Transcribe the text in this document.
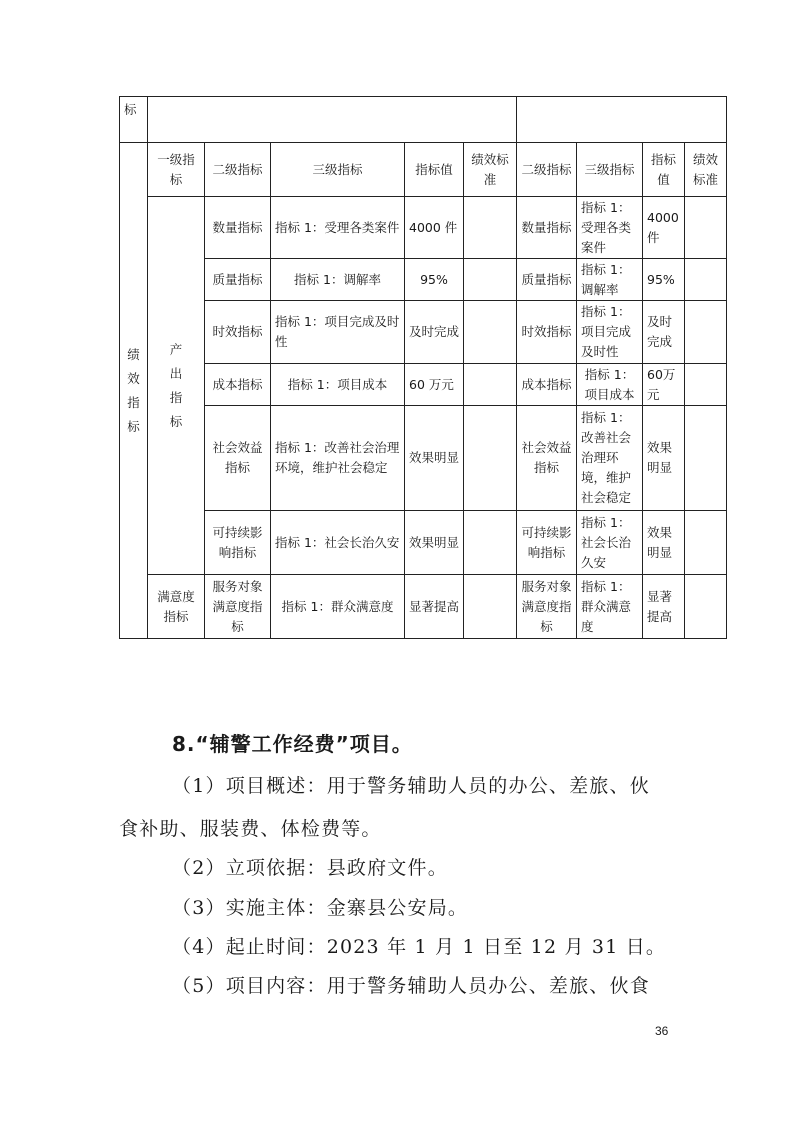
标									
绩效指标	一级指标	二级指标	三级指标	指标值	绩效标准	二级指标	三级指标	指标值	绩效标准
	产出指标	数量指标	指标 1：受理各类案件	4000 件		数量指标	指标 1：受理各类案件	4000件	
		质量指标	指标 1：调解率	95%		质量指标	指标 1：调解率	95%	
		时效指标	指标 1：项目完成及时性	及时完成		时效指标	指标 1：项目完成及时性	及时完成	
		成本指标	指标 1：项目成本	60 万元		成本指标	指标 1：项目成本	60万元	
		社会效益指标	指标 1：改善社会治理环境，维护社会稳定	效果明显		社会效益指标	指标 1：改善社会治理环境，维护社会稳定	效果明显	
		可持续影响指标	指标 1：社会长治久安	效果明显		可持续影响指标	指标 1：社会长治久安	效果明显	
	满意度指标	服务对象满意度指标	指标 1：群众满意度	显著提高		服务对象满意度指标	指标 1：群众满意度	显著提高	
8.“辅警工作经费”项目。
（1）项目概述：用于警务辅助人员的办公、差旅、伙
食补助、服装费、体检费等。
（2）立项依据：县政府文件。
（3）实施主体：金寨县公安局。
（4）起止时间：2023 年 1 月 1 日至 12 月 31 日。
（5）项目内容：用于警务辅助人员办公、差旅、伙食
36
